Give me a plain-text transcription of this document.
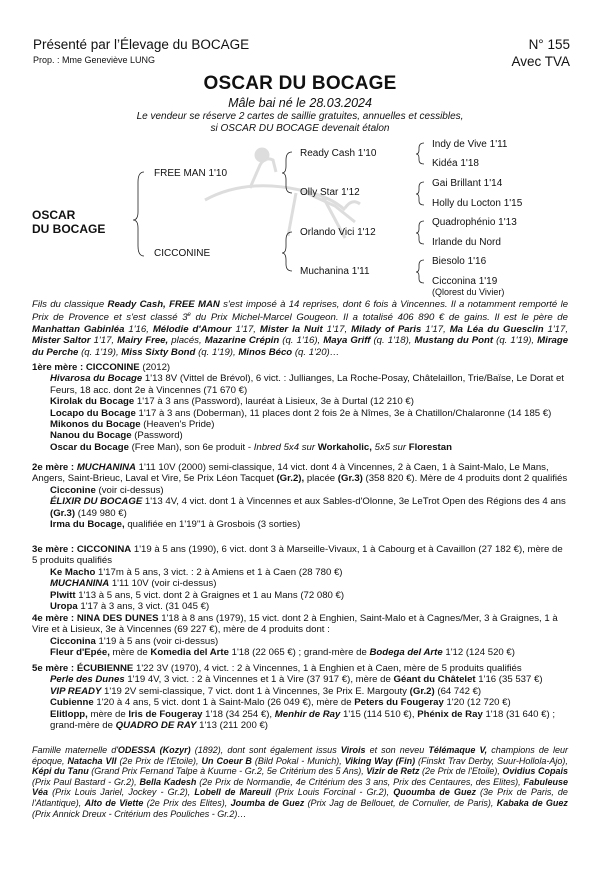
Présenté par l’Élevage du BOCAGE
Prop. : Mme Geneviève LUNG
N° 155
Avec TVA
OSCAR DU BOCAGE
Mâle bai né le 28.03.2024
Le vendeur se réserve 2 cartes de saillie gratuites, annuelles et cessibles,
si OSCAR DU BOCAGE devenait étalon
OSCAR
DU BOCAGE
FREE MAN 1'10
CICCONINE
Ready Cash 1'10
Olly Star 1'12
Orlando Vici 1'12
Muchanina 1'11
Indy de Vive 1'11
Kidéa 1'18
Gai Brillant 1'14
Holly du Locton 1'15
Quadrophénio 1'13
Irlande du Nord
Biesolo 1'16
Cicconina 1'19
(Qlorest du Vivier)
Fils du classique Ready Cash, FREE MAN s'est imposé à 14 reprises, dont 6 fois à Vincennes. Il a notamment remporté le Prix de Provence et s'est classé 3e du Prix Michel-Marcel Gougeon. Il a totalisé 406 890 € de gains. Il est le père de Manhattan Gabinléa 1'16, Mélodie d'Amour 1'17, Mister la Nuit 1'17, Milady of Paris 1'17, Ma Léa du Guesclin 1'17, Mister Saltor 1'17, Mairy Free, placés, Mazarine Crépin (q. 1'16), Maya Griff (q. 1'18), Mustang du Pont (q. 1'19), Mirage du Perche (q. 1'19), Miss Sixty Bond (q. 1'19), Minos Béco (q. 1'20)…

1ère mère : CICCONINE (2012)

Hivarosa du Bocage 1'13 8V (Vittel de Brévol), 6 vict. : Jullianges, La Roche-Posay, Châtelaillon, Trie/Baïse, Le Dorat et Feurs, 18 acc. dont 2e à Vincennes (71 670 €)

Kirolak du Bocage 1'17 à 3 ans (Password), lauréat à Lisieux, 3e à Durtal (12 210 €)

Locapo du Bocage 1'17 à 3 ans (Doberman), 11 places dont 2 fois 2e à Nîmes, 3e à Chatillon/Chalaronne (14 185 €)

Mikonos du Bocage (Heaven's Pride)

Nanou du Bocage (Password)

Oscar du Bocage (Free Man), son 6e produit - Inbred 5x4 sur Workaholic, 5x5 sur Florestan

2e mère : MUCHANINA 1'11 10V (2000) semi-classique, 14 vict. dont 4 à Vincennes, 2 à Caen, 1 à Saint-Malo, Le Mans, Angers, Saint-Brieuc, Laval et Vire, 5e Prix Léon Tacquet (Gr.2), placée (Gr.3) (358 820 €). Mère de 4 produits dont 2 qualifiés

Cicconine (voir ci-dessus)

ÉLIXIR DU BOCAGE 1'13 4V, 4 vict. dont 1 à Vincennes et aux Sables-d'Olonne, 3e LeTrot Open des Régions des 4 ans (Gr.3) (149 980 €)

Irma du Bocage, qualifiée en 1'19''1 à Grosbois (3 sorties)

3e mère : CICCONINA 1'19 à 5 ans (1990), 6 vict. dont 3 à Marseille-Vivaux, 1 à Cabourg et à Cavaillon (27 182 €), mère de 5 produits qualifiés

Ke Macho 1'17m à 5 ans, 3 vict. : 2 à Amiens et 1 à Caen (28 780 €)

MUCHANINA 1'11 10V (voir ci-dessus)

Plwitt 1'13 à 5 ans, 5 vict. dont 2 à Graignes et 1 au Mans (72 080 €)

Uropa 1'17 à 3 ans, 3 vict. (31 045 €)

4e mère : NINA DES DUNES 1'18 à 8 ans (1979), 15 vict. dont 2 à Enghien, Saint-Malo et à Cagnes/Mer, 3 à Graignes, 1 à Vire et à Lisieux, 3e à Vincennes (69 227 €), mère de 4 produits dont :

Cicconina 1'19 à 5 ans (voir ci-dessus)

Fleur d'Epée, mère de Komedia del Arte 1'18 (22 065 €) ; grand-mère de Bodega del Arte 1'12 (124 520 €)

5e mère : ÉCUBIENNE 1'22 3V (1970), 4 vict. : 2 à Vincennes, 1 à Enghien et à Caen, mère de 5 produits qualifiés

Perle des Dunes 1'19 4V, 3 vict. : 2 à Vincennes et 1 à Vire (37 917 €), mère de Géant du Châtelet 1'16 (35 537 €)

VIP READY 1'19 2V semi-classique, 7 vict. dont 1 à Vincennes, 3e Prix E. Margouty (Gr.2) (64 742 €)

Cubienne 1'20 à 4 ans, 5 vict. dont 1 à Saint-Malo (26 049 €), mère de Peters du Fougeray 1'20 (12 720 €)

Elitlopp, mère de Iris de Fougeray 1'18 (34 254 €), Menhir de Ray 1'15 (114 510 €), Phénix de Ray 1'18 (31 640 €) ; grand-mère de QUADRO DE RAY 1'13 (211 200 €)

Famille maternelle d'ODESSA (Kozyr) (1892), dont sont également issus Virois et son neveu Télémaque V, champions de leur époque, Natacha VII (2e Prix de l'Etoile), Un Coeur B (Bild Pokal - Munich), Viking Way (Fin) (Finskt Trav Derby, Suur-Hollola-Ajo), Képi du Tanu (Grand Prix Fernand Talpe à Kuurne - Gr.2, 5e Critérium des 5 Ans), Vizir de Retz (2e Prix de l'Etoile), Ovidius Copais (Prix Paul Bastard - Gr.2), Bella Kadesh (2e Prix de Normandie, 4e Critérium des 3 ans, Prix des Centaures, des Elites), Fabuleuse Véa (Prix Louis Jariel, Jockey - Gr.2), Lobell de Mareuil (Prix Louis Forcinal - Gr.2), Quoumba de Guez (3e Prix de Paris, de l'Atlantique), Alto de Viette (2e Prix des Elites), Joumba de Guez (Prix Jag de Bellouet, de Cornulier, de Paris), Kabaka de Guez (Prix Annick Dreux - Critérium des Pouliches - Gr.2)…
